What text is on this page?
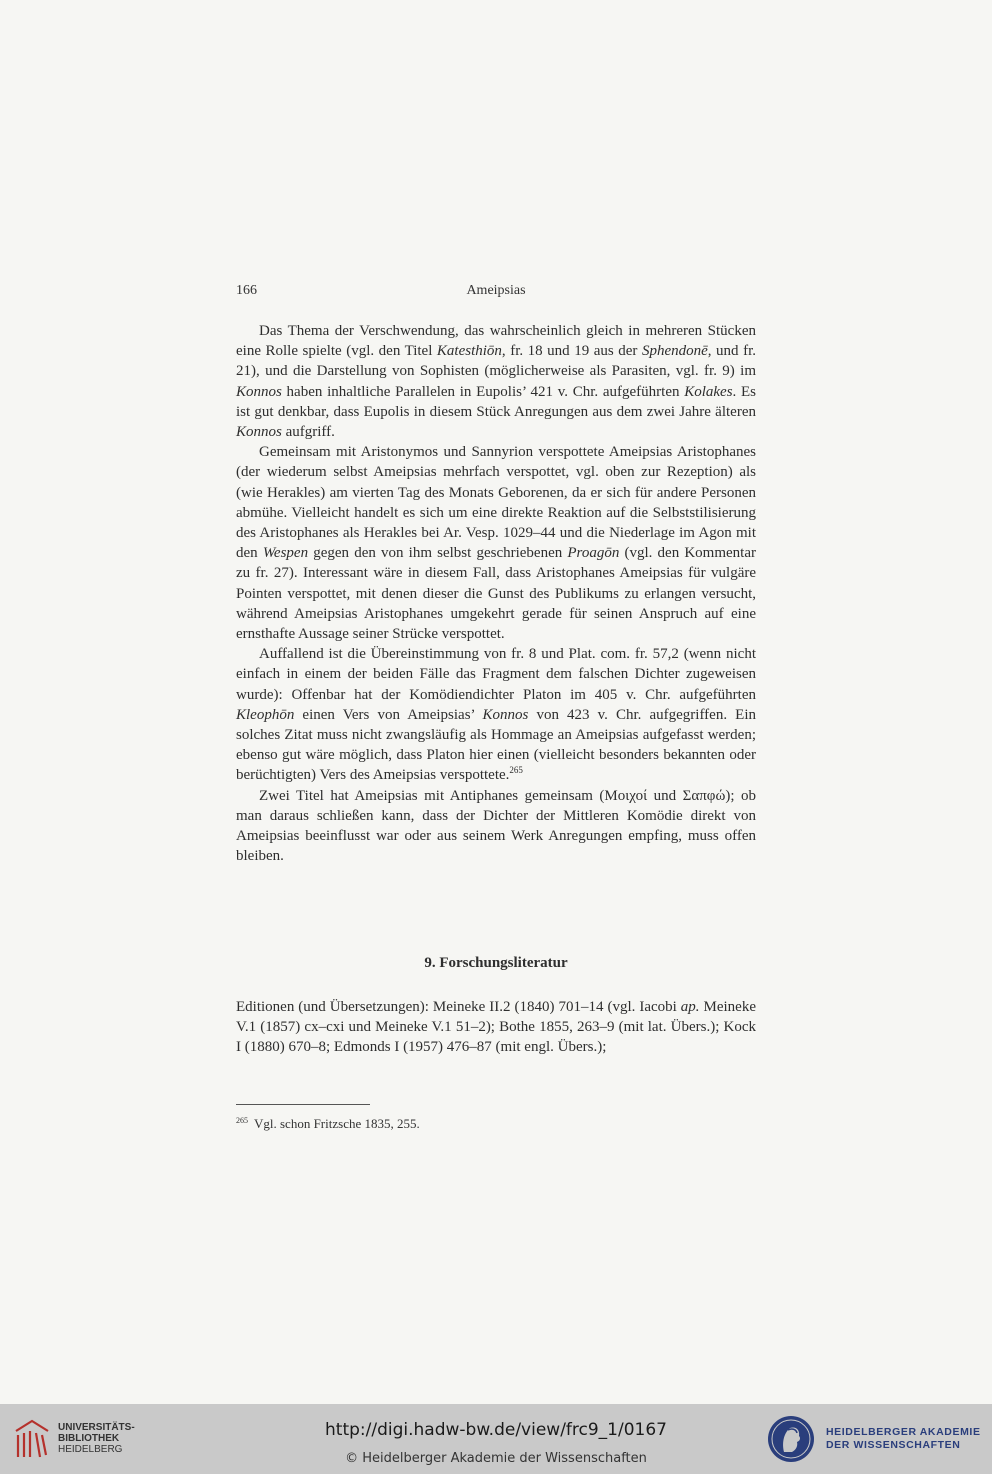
166	Ameipsias

Das Thema der Verschwendung, das wahrscheinlich gleich in mehreren Stücken eine Rolle spielte (vgl. den Titel Katesthiōn, fr. 18 und 19 aus der Sphendonē, und fr. 21), und die Darstellung von Sophisten (möglicherweise als Parasiten, vgl. fr. 9) im Konnos haben inhaltliche Parallelen in Eupolis’ 421 v. Chr. aufgeführten Kolakes. Es ist gut denkbar, dass Eupolis in diesem Stück Anregungen aus dem zwei Jahre älteren Konnos aufgriff.

Gemeinsam mit Aristonymos und Sannyrion verspottete Ameipsias Aristophanes (der wiederum selbst Ameipsias mehrfach verspottet, vgl. oben zur Rezeption) als (wie Herakles) am vierten Tag des Monats Geborenen, da er sich für andere Personen abmühe. Vielleicht handelt es sich um eine direkte Reaktion auf die Selbststilisierung des Aristophanes als Herakles bei Ar. Vesp. 1029–44 und die Niederlage im Agon mit den Wespen gegen den von ihm selbst geschriebenen Proagōn (vgl. den Kommentar zu fr. 27). Interessant wäre in diesem Fall, dass Aristophanes Ameipsias für vulgäre Pointen verspottet, mit denen dieser die Gunst des Publikums zu erlangen versucht, während Ameipsias Aristophanes umgekehrt gerade für seinen Anspruch auf eine ernsthafte Aussage seiner Strücke verspottet.

Auffallend ist die Übereinstimmung von fr. 8 und Plat. com. fr. 57,2 (wenn nicht einfach in einem der beiden Fälle das Fragment dem falschen Dichter zugeweisen wurde): Offenbar hat der Komödiendichter Platon im 405 v. Chr. aufgeführten Kleophōn einen Vers von Ameipsias’ Konnos von 423 v. Chr. aufgegriffen. Ein solches Zitat muss nicht zwangsläufig als Hommage an Ameipsias aufgefasst werden; ebenso gut wäre möglich, dass Platon hier einen (vielleicht besonders bekannten oder berüchtigten) Vers des Ameipsias verspottete.$^{265}$

Zwei Titel hat Ameipsias mit Antiphanes gemeinsam (Μοιχοί und Σαπφώ); ob man daraus schließen kann, dass der Dichter der Mittleren Komödie direkt von Ameipsias beeinflusst war oder aus seinem Werk Anregungen empfing, muss offen bleiben.

9. Forschungsliteratur

Editionen (und Übersetzungen): Meineke II.2 (1840) 701–14 (vgl. Iacobi ap. Meineke V.1 (1857) cx–cxi und Meineke V.1 51–2); Bothe 1855, 263–9 (mit lat. Übers.); Kock I (1880) 670–8; Edmonds I (1957) 476–87 (mit engl. Übers.);

$^{265}$ Vgl. schon Fritzsche 1835, 255.
UNIVERSITÄTS-
BIBLIOTHEK
HEIDELBERG
http://digi.hadw-bw.de/view/frc9_1/0167
© Heidelberger Akademie der Wissenschaften
HEIDELBERGER AKADEMIE
DER WISSENSCHAFTEN
